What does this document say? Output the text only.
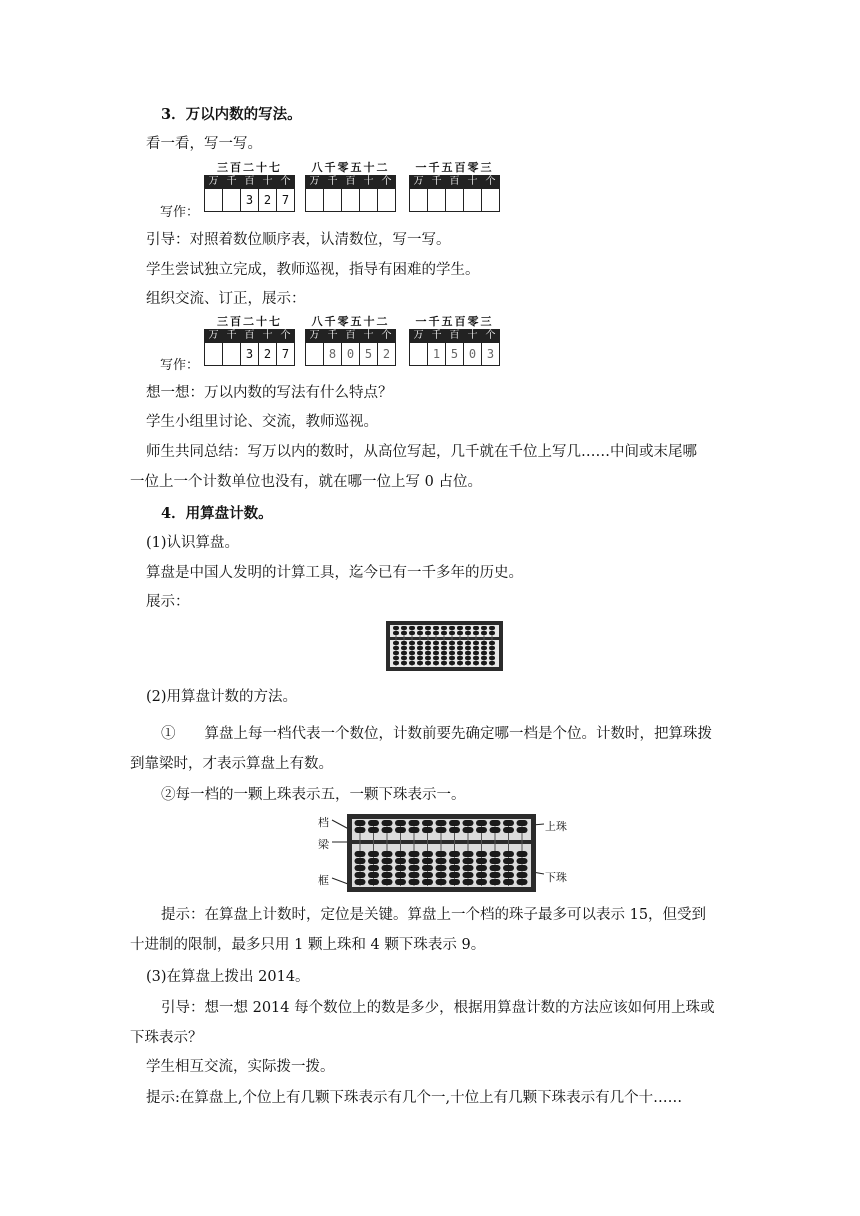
3．万以内数的写法。
看一看，写一写。
三百二十七
万	千	百	十	个
		3	2	7
八千零五十二
万	千	百	十	个

一千五百零三
万	千	百	十	个

写作：
引导：对照着数位顺序表，认清数位，写一写。
学生尝试独立完成，教师巡视，指导有困难的学生。
组织交流、订正，展示：
三百二十七
万	千	百	十	个
		3	2	7
八千零五十二
万	千	百	十	个
	8	0	5	2
一千五百零三
万	千	百	十	个
	1	5	0	3
写作：
想一想：万以内数的写法有什么特点？
学生小组里讨论、交流，教师巡视。
师生共同总结：写万以内的数时，从高位写起，几千就在千位上写几……中间或末尾哪
一位上一个计数单位也没有，就在哪一位上写 0 占位。
4．用算盘计数。
(1)认识算盘。
算盘是中国人发明的计算工具，迄今已有一千多年的历史。
展示：
(2)用算盘计数的方法。
①　　算盘上每一档代表一个数位，计数前要先确定哪一档是个位。计数时，把算珠拨
到靠梁时，才表示算盘上有数。
②每一档的一颗上珠表示五，一颗下珠表示一。
档
梁
框
上珠
下珠
提示：在算盘上计数时，定位是关键。算盘上一个档的珠子最多可以表示 15，但受到
十进制的限制，最多只用 1 颗上珠和 4 颗下珠表示 9。
(3)在算盘上拨出 2014。
引导：想一想 2014 每个数位上的数是多少，根据用算盘计数的方法应该如何用上珠或
下珠表示？
学生相互交流，实际拨一拨。
提示:在算盘上,个位上有几颗下珠表示有几个一,十位上有几颗下珠表示有几个十……
